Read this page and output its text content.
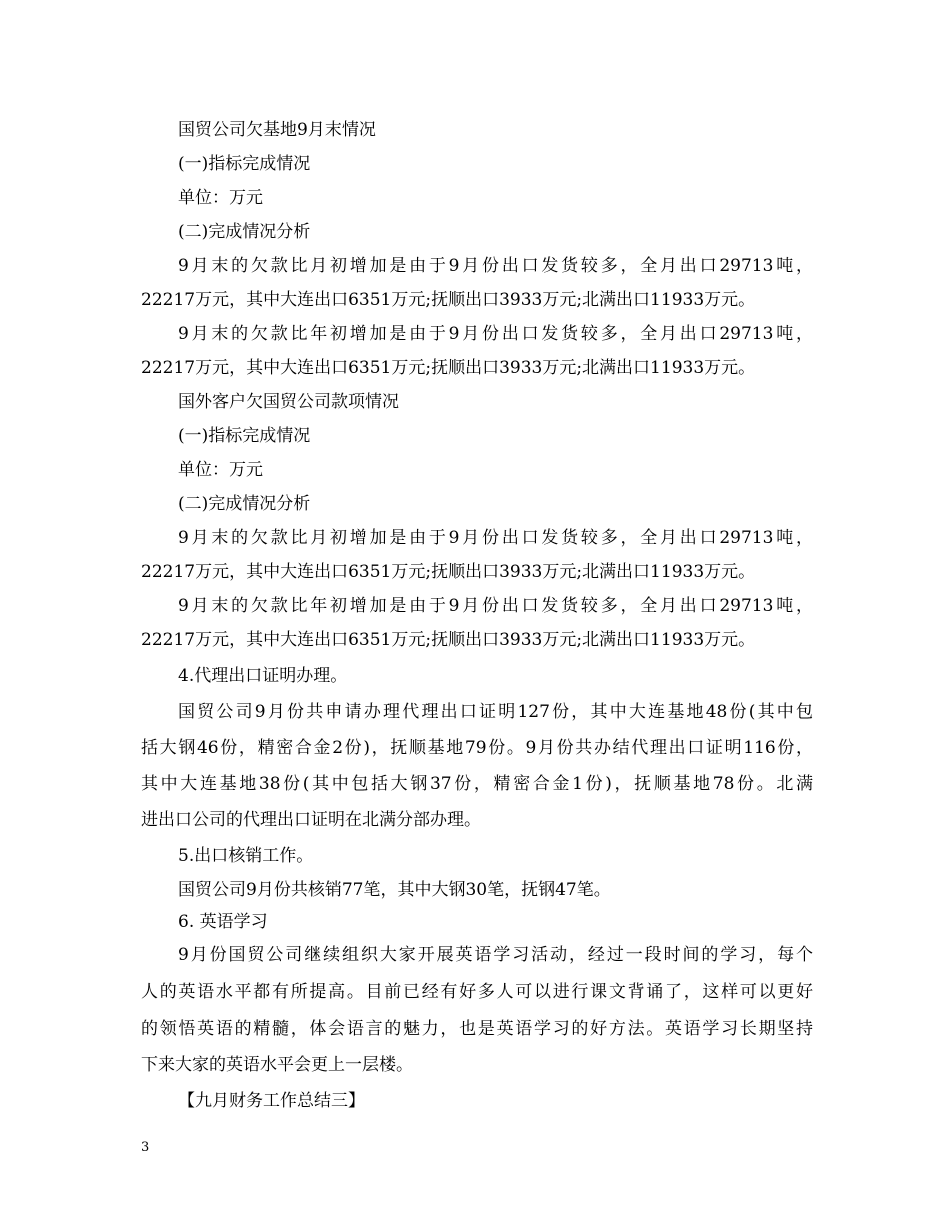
国贸公司欠基地9月末情况
(一)指标完成情况
单位：万元
(二)完成情况分析
9月末的欠款比月初增加是由于9月份出口发货较多，全月出口29713吨，
22217万元，其中大连出口6351万元;抚顺出口3933万元;北满出口11933万元。
9月末的欠款比年初增加是由于9月份出口发货较多，全月出口29713吨，
22217万元，其中大连出口6351万元;抚顺出口3933万元;北满出口11933万元。
国外客户欠国贸公司款项情况
(一)指标完成情况
单位：万元
(二)完成情况分析
9月末的欠款比月初增加是由于9月份出口发货较多，全月出口29713吨，
22217万元，其中大连出口6351万元;抚顺出口3933万元;北满出口11933万元。
9月末的欠款比年初增加是由于9月份出口发货较多，全月出口29713吨，
22217万元，其中大连出口6351万元;抚顺出口3933万元;北满出口11933万元。
4.代理出口证明办理。
国贸公司9月份共申请办理代理出口证明127份，其中大连基地48份(其中包
括大钢46份，精密合金2份)，抚顺基地79份。9月份共办结代理出口证明116份，
其中大连基地38份(其中包括大钢37份，精密合金1份)，抚顺基地78份。北满
进出口公司的代理出口证明在北满分部办理。
5.出口核销工作。
国贸公司9月份共核销77笔，其中大钢30笔，抚钢47笔。
6. 英语学习
9月份国贸公司继续组织大家开展英语学习活动，经过一段时间的学习，每个
人的英语水平都有所提高。目前已经有好多人可以进行课文背诵了，这样可以更好
的领悟英语的精髓，体会语言的魅力，也是英语学习的好方法。英语学习长期坚持
下来大家的英语水平会更上一层楼。
【九月财务工作总结三】
3
